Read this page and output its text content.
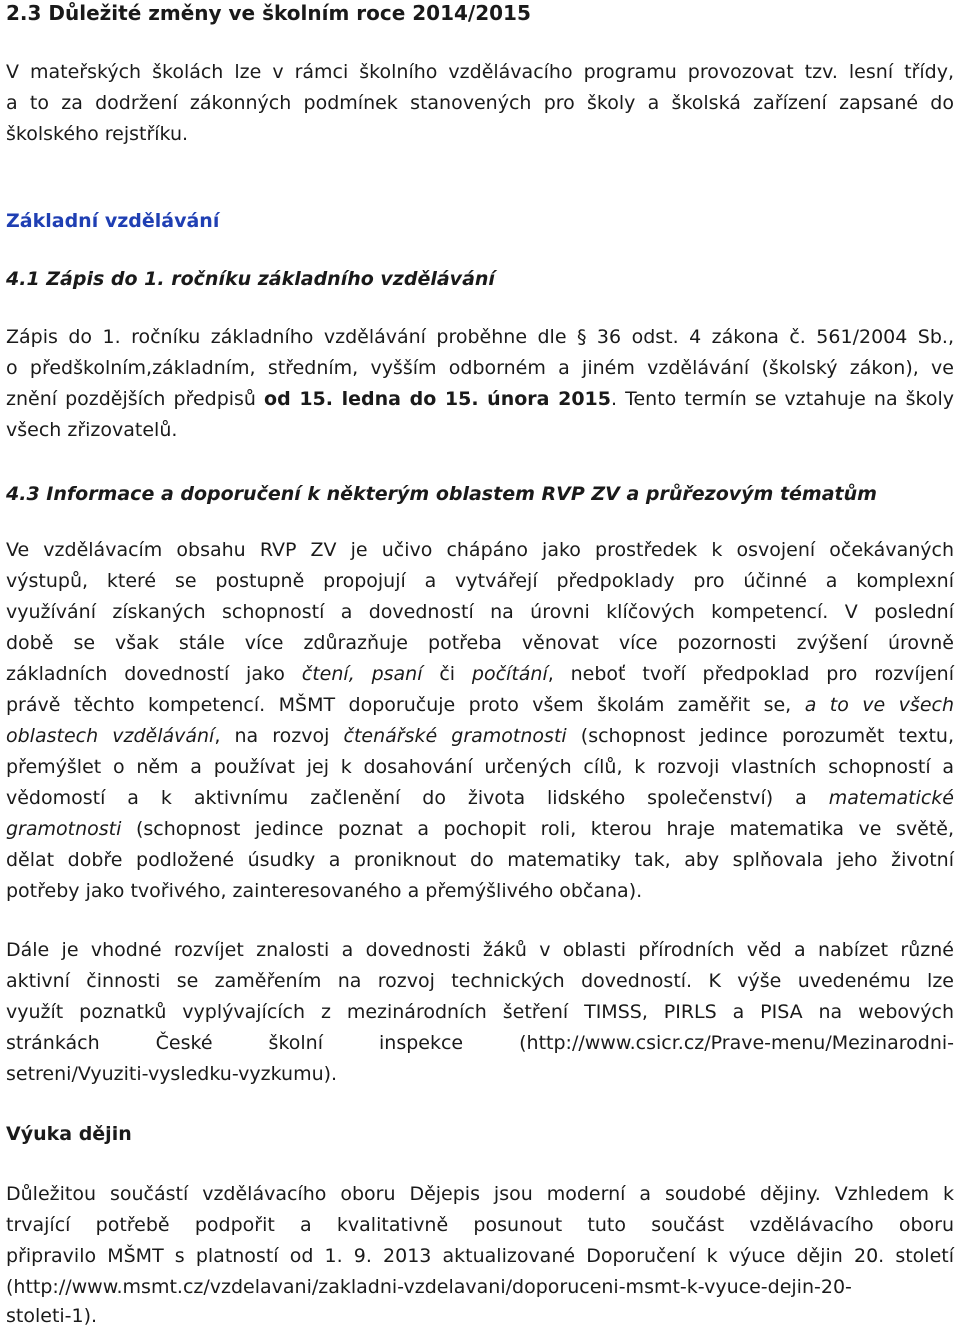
2.3 Důležité změny ve školním roce 2014/2015
V mateřských školách lze v rámci školního vzdělávacího programu provozovat tzv. lesní třídy,
a to za dodržení zákonných podmínek stanovených pro školy a školská zařízení zapsané do
školského rejstříku.
Základní vzdělávání
4.1 Zápis do 1. ročníku základního vzdělávání
Zápis do 1. ročníku základního vzdělávání proběhne dle § 36 odst. 4 zákona č. 561/2004 Sb.,
o předškolním,základním, středním, vyšším odborném a jiném vzdělávání (školský zákon), ve
znění pozdějších předpisů od 15. ledna do 15. února 2015. Tento termín se vztahuje na školy
všech zřizovatelů.
4.3 Informace a doporučení k některým oblastem RVP ZV a průřezovým tématům
Ve vzdělávacím obsahu RVP ZV je učivo chápáno jako prostředek k osvojení očekávaných
výstupů, které se postupně propojují a vytvářejí předpoklady pro účinné a komplexní
využívání získaných schopností a dovedností na úrovni klíčových kompetencí. V poslední
době se však stále více zdůrazňuje potřeba věnovat více pozornosti zvýšení úrovně
základních dovedností jako čtení, psaní či počítání, neboť tvoří předpoklad pro rozvíjení
právě těchto kompetencí. MŠMT doporučuje proto všem školám zaměřit se, a to ve všech
oblastech vzdělávání, na rozvoj čtenářské gramotnosti (schopnost jedince porozumět textu,
přemýšlet o něm a používat jej k dosahování určených cílů, k rozvoji vlastních schopností a
vědomostí a k aktivnímu začlenění do života lidského společenství) a matematické
gramotnosti (schopnost jedince poznat a pochopit roli, kterou hraje matematika ve světě,
dělat dobře podložené úsudky a proniknout do matematiky tak, aby splňovala jeho životní
potřeby jako tvořivého, zainteresovaného a přemýšlivého občana).
Dále je vhodné rozvíjet znalosti a dovednosti žáků v oblasti přírodních věd a nabízet různé
aktivní činnosti se zaměřením na rozvoj technických dovedností. K výše uvedenému lze
využít poznatků vyplývajících z mezinárodních šetření TIMSS, PIRLS a PISA na webových
stránkách České školní inspekce (http://www.csicr.cz/Prave-menu/Mezinarodni-
setreni/Vyuziti-vysledku-vyzkumu).
Výuka dějin
Důležitou součástí vzdělávacího oboru Dějepis jsou moderní a soudobé dějiny. Vzhledem k
trvající potřebě podpořit a kvalitativně posunout tuto součást vzdělávacího oboru
připravilo MŠMT s platností od 1. 9. 2013 aktualizované Doporučení k výuce dějin 20. století
(http://www.msmt.cz/vzdelavani/zakladni-vzdelavani/doporuceni-msmt-k-vyuce-dejin-20-
stoleti-1).
